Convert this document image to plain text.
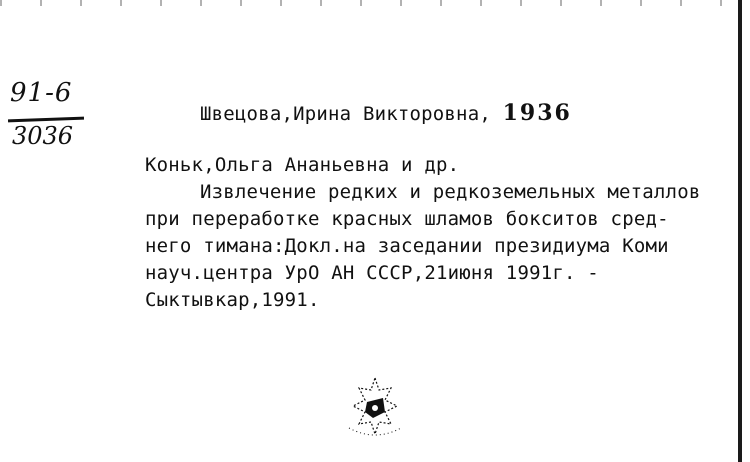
91-6
3036
Швецова,Ирина Викторовна, 1936
Коньк,Ольга Ананьевна и др.
Извлечение редких и редкоземельных металлов
при переработке красных шламов бокситов сред-
него тимана:Докл.на заседании президиума Коми
науч.центра УрО АН СССР,21июня 1991г. -
Сыктывкар,1991.
